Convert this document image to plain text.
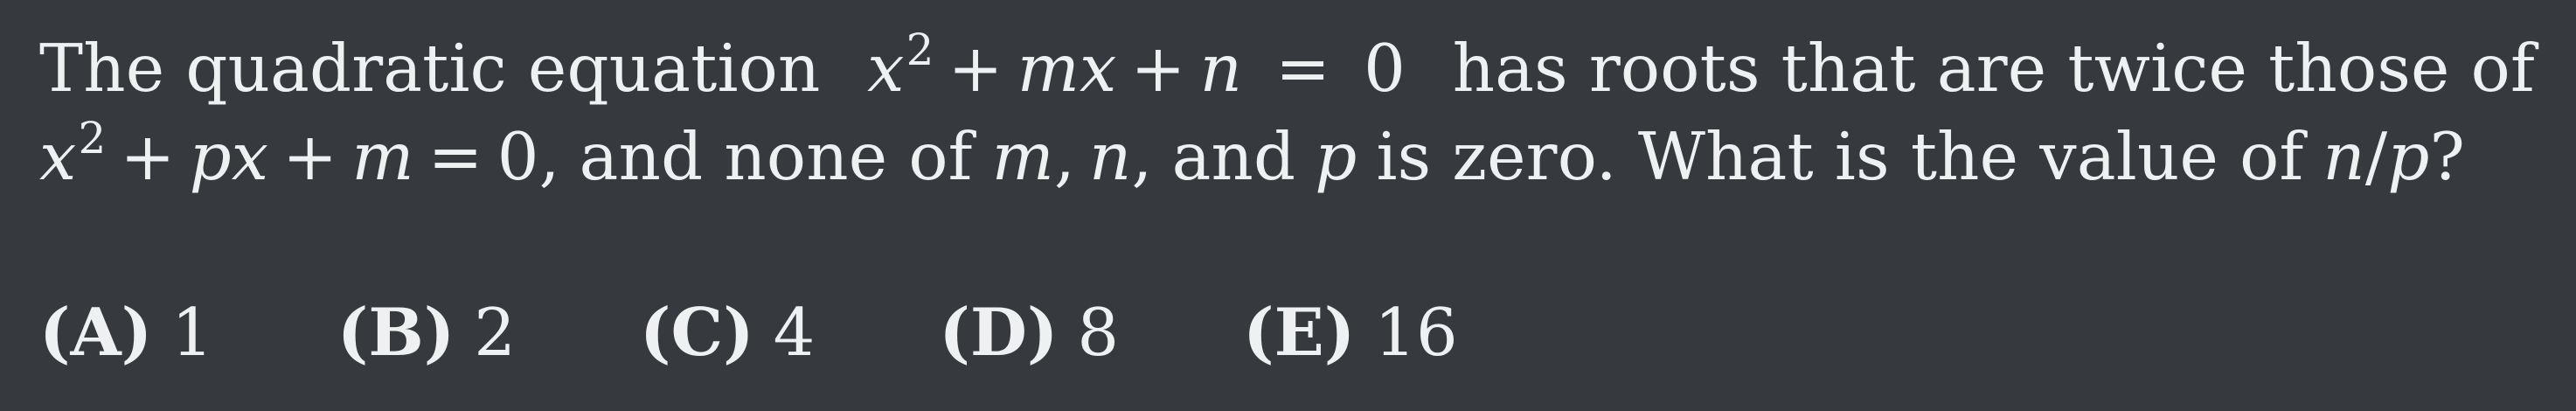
The quadratic equation $x^2$ + mx + n = 0 has roots that are twice those of
$x^2$ + px + m = 0, and none of m , n , and p is zero. What is the value of n/p?
(A) 1 (B) 2 (C) 4 (D) 8 (E) 16
